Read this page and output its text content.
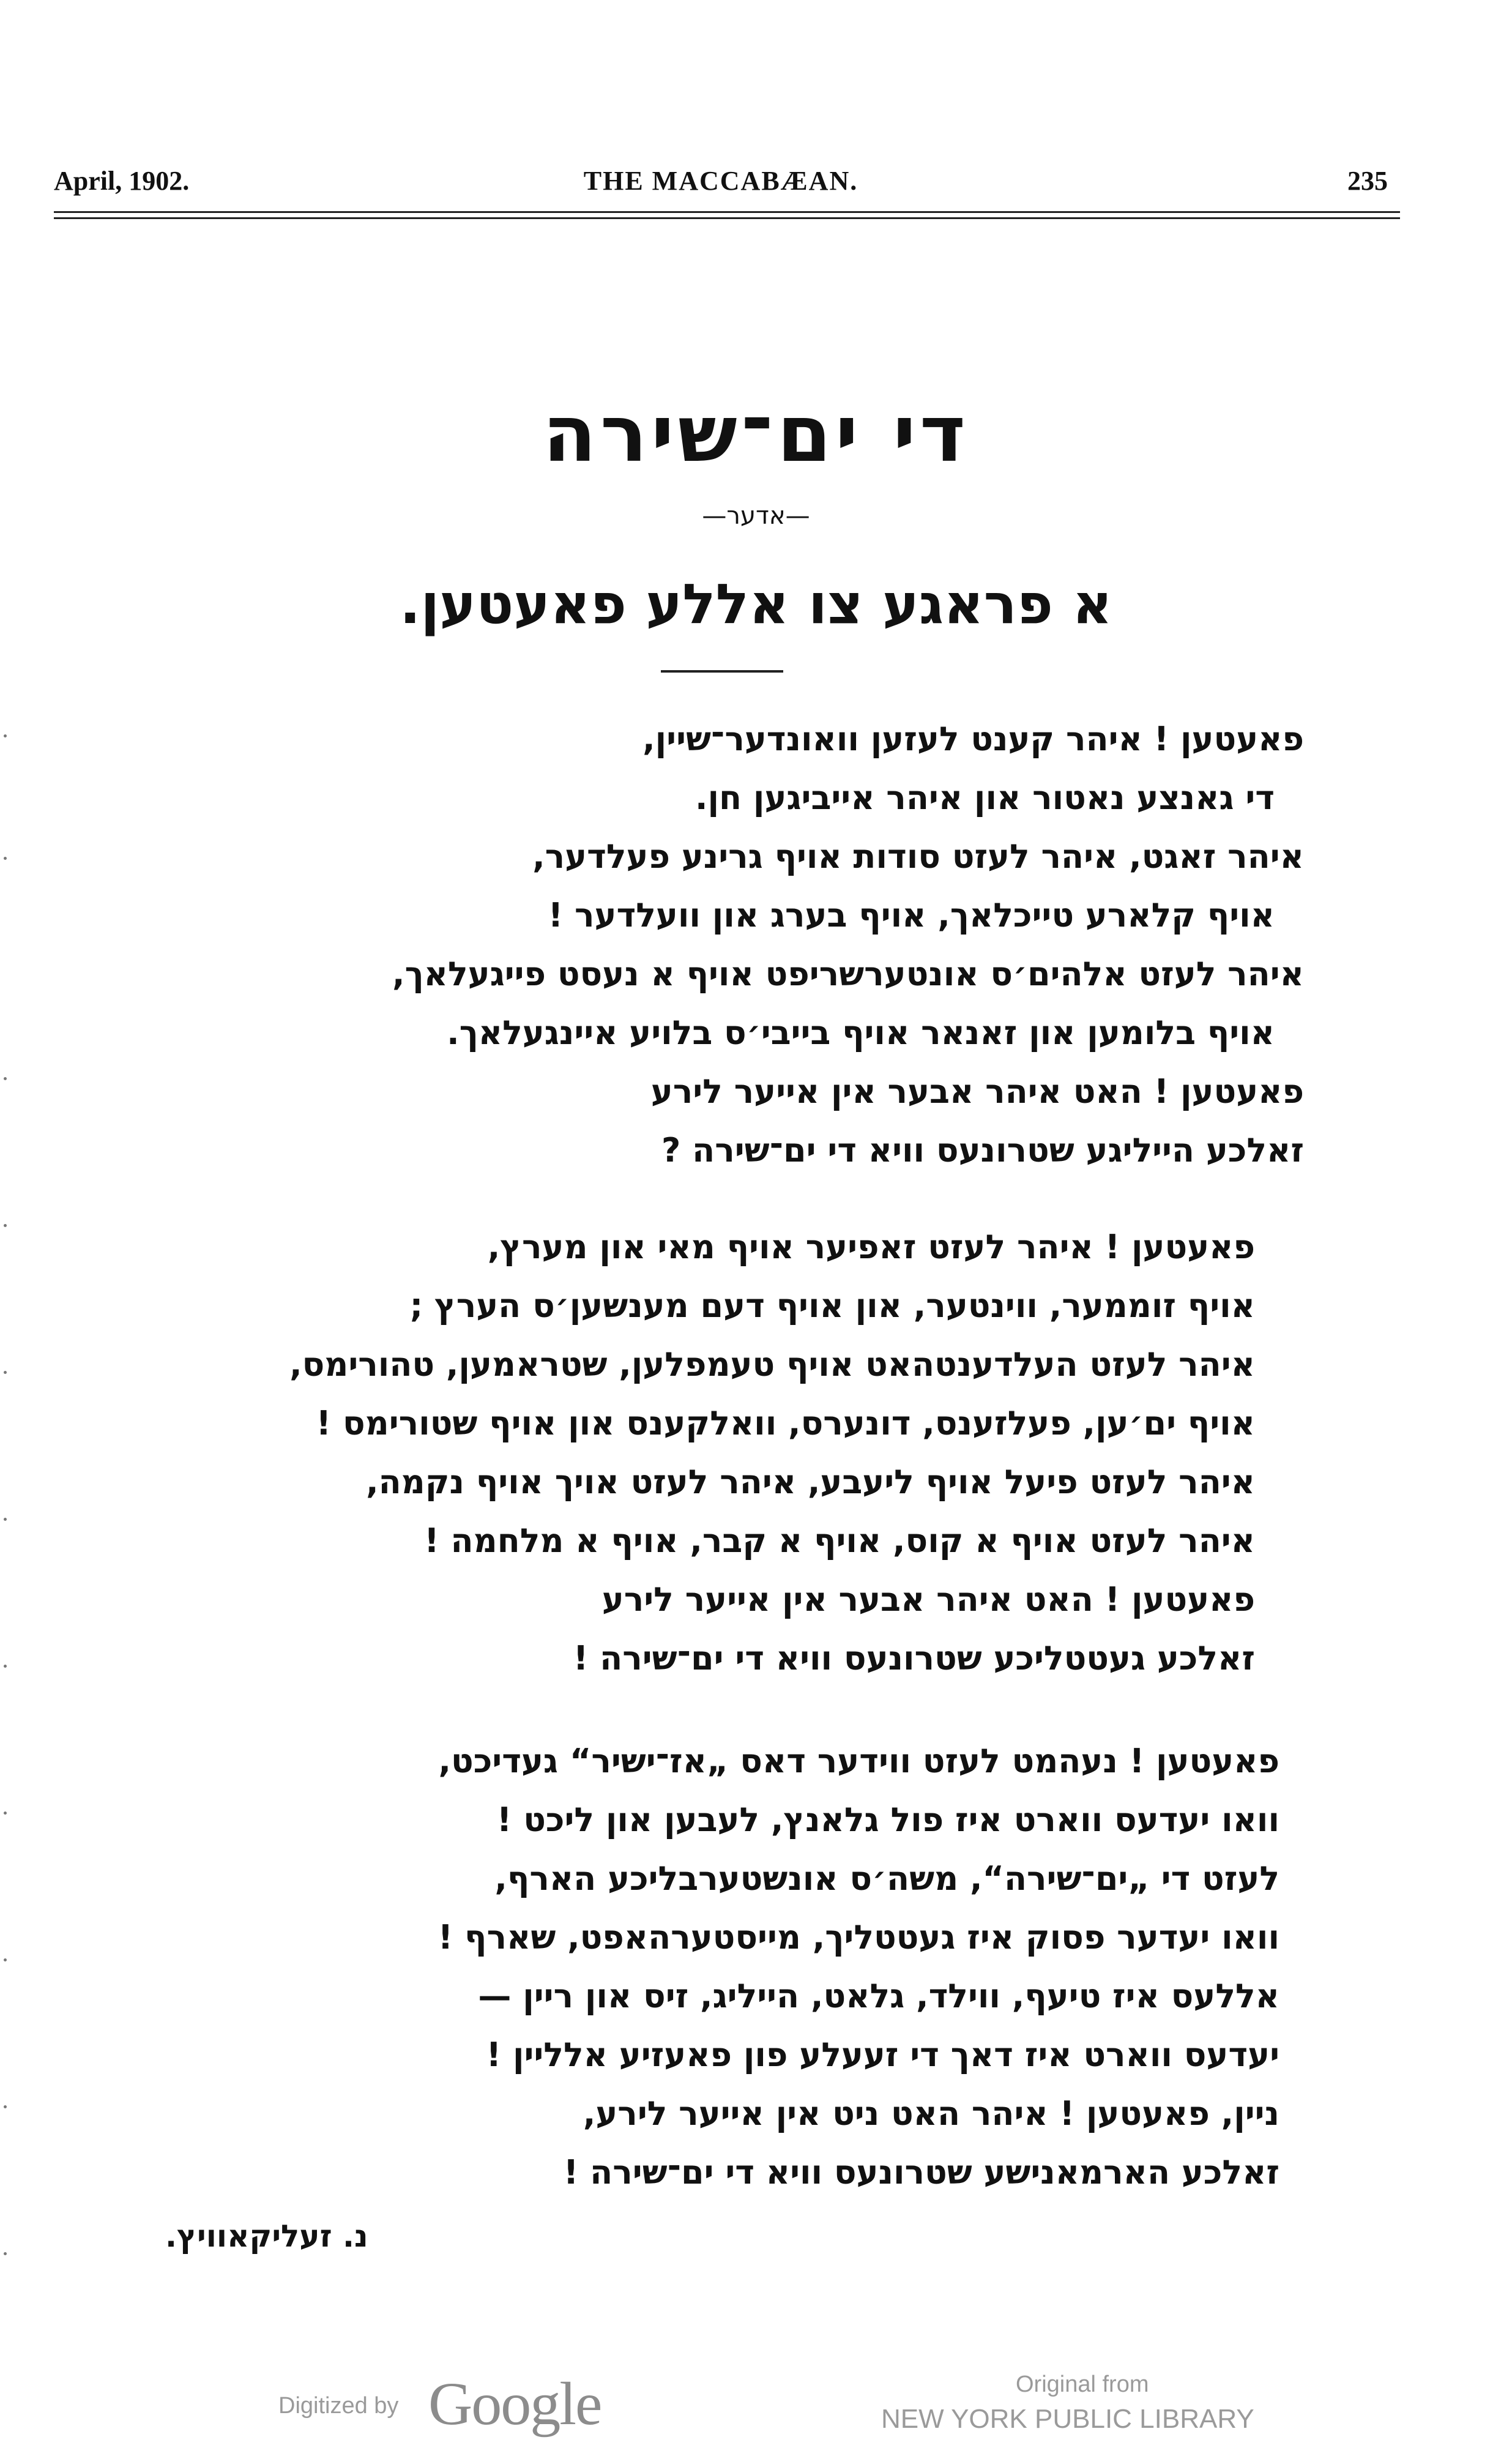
April, 1902.	THE MACCABÆAN.	235
די ים־שירה
—אדער—
א פראגע צו אללע פאעטען.
פאעטען ! איהר קענט לעזען וואונדער־שיין,
די גאנצע נאטור און איהר אייביגען חן.
איהר זאגט, איהר לעזט סודות אויף גרינע פעלדער,
אויף קלארע טייכלאך, אויף בערג און וועלדער !
איהר לעזט אלהים׳ס אונטערשריפט אויף א נעסט פייגעלאך,
אויף בלומען און זאנאר אויף בייבי׳ס בלויע איינגעלאך.
פאעטען ! האט איהר אבער אין אייער לירע
זאלכע הייליגע שטרונעס וויא די ים־שירה ?
פאעטען ! איהר לעזט זאפיער אויף מאי און מערץ,
אויף זוממער, ווינטער, און אויף דעם מענשען׳ס הערץ ;
איהר לעזט העלדענטהאט אויף טעמפלען, שטראמען, טהורימס,
אויף ים׳ען, פעלזענס, דונערס, וואלקענס און אויף שטורימס !
איהר לעזט פיעל אויף ליעבע, איהר לעזט אויך אויף נקמה,
איהר לעזט אויף א קוס, אויף א קבר, אויף א מלחמה !
פאעטען ! האט איהר אבער אין אייער לירע
זאלכע געטטליכע שטרונעס וויא די ים־שירה !
פאעטען ! נעהמט לעזט ווידער דאס „אז־ישיר“ געדיכט,
וואו יעדעס ווארט איז פול גלאנץ, לעבען און ליכט !
לעזט די „ים־שירה“, משה׳ס אונשטערבליכע הארף,
וואו יעדער פסוק איז געטטליך, מייסטערהאפט, שארף !
אללעס איז טיעף, ווילד, גלאט, הייליג, זיס און ריין —
יעדעס ווארט איז דאך די זעעלע פון פאעזיע אלליין !
ניין, פאעטען ! איהר האט ניט אין אייער לירע,
זאלכע הארמאנישע שטרונעס וויא די ים־שירה !
נ. זעליקאוויץ.
Digitized by Google	Original from
NEW YORK PUBLIC LIBRARY
